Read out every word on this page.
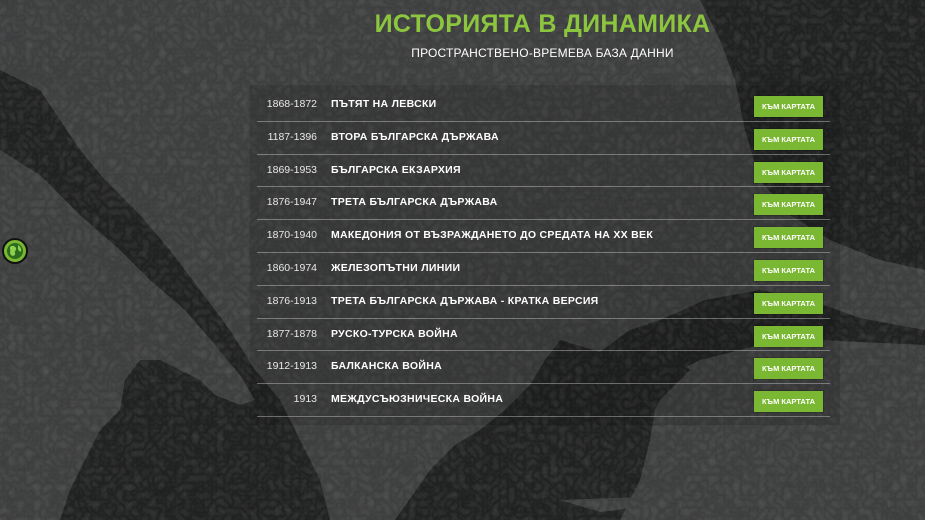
ИСТОРИЯТА В ДИНАМИКА
ПРОСТРАНСТВЕНО-ВРЕМЕВА БАЗА ДАННИ
1868-1872 ПЪТЯТ НА ЛЕВСКИ	КЪМ КАРТАТА
1187-1396 ВТОРА БЪЛГАРСКА ДЪРЖАВА	КЪМ КАРТАТА
1869-1953 БЪЛГАРСКА ЕКЗАРХИЯ	КЪМ КАРТАТА
1876-1947 ТРЕТА БЪЛГАРСКА ДЪРЖАВА	КЪМ КАРТАТА
1870-1940 МАКЕДОНИЯ ОТ ВЪЗРАЖДАНЕТО ДО СРЕДАТА НА XX ВЕК	КЪМ КАРТАТА
1860-1974 ЖЕЛЕЗОПЪТНИ ЛИНИИ	КЪМ КАРТАТА
1876-1913 ТРЕТА БЪЛГАРСКА ДЪРЖАВА - КРАТКА ВЕРСИЯ	КЪМ КАРТАТА
1877-1878 РУСКО-ТУРСКА ВОЙНА	КЪМ КАРТАТА
1912-1913 БАЛКАНСКА ВОЙНА	КЪМ КАРТАТА
1913 МЕЖДУСЪЮЗНИЧЕСКА ВОЙНА	КЪМ КАРТАТА
